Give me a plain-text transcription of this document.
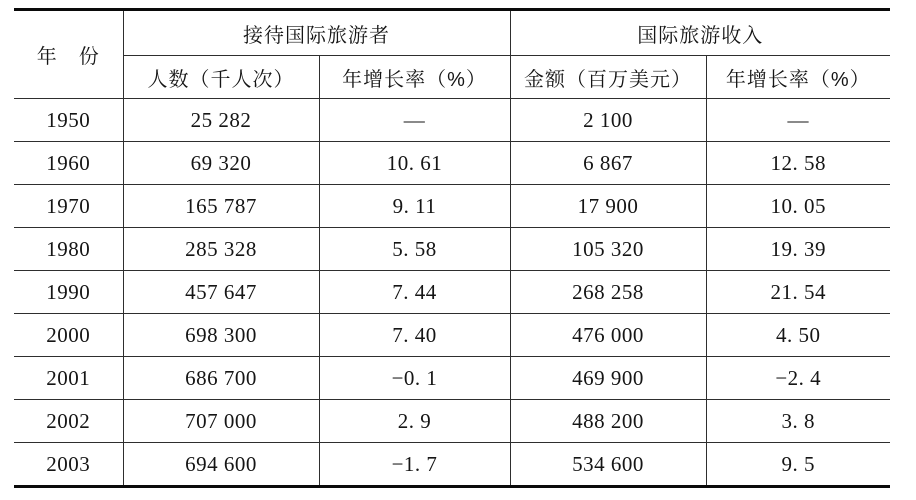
年　份	接待国际旅游者		国际旅游收入	
	人数（千人次）	年增长率（%）	金额（百万美元）	年增长率（%）
1950	25 282	—	2 100	—
1960	69 320	10. 61	6 867	12. 58
1970	165 787	9. 11	17 900	10. 05
1980	285 328	5. 58	105 320	19. 39
1990	457 647	7. 44	268 258	21. 54
2000	698 300	7. 40	476 000	4. 50
2001	686 700	−0. 1	469 900	−2. 4
2002	707 000	2. 9	488 200	3. 8
2003	694 600	−1. 7	534 600	9. 5
